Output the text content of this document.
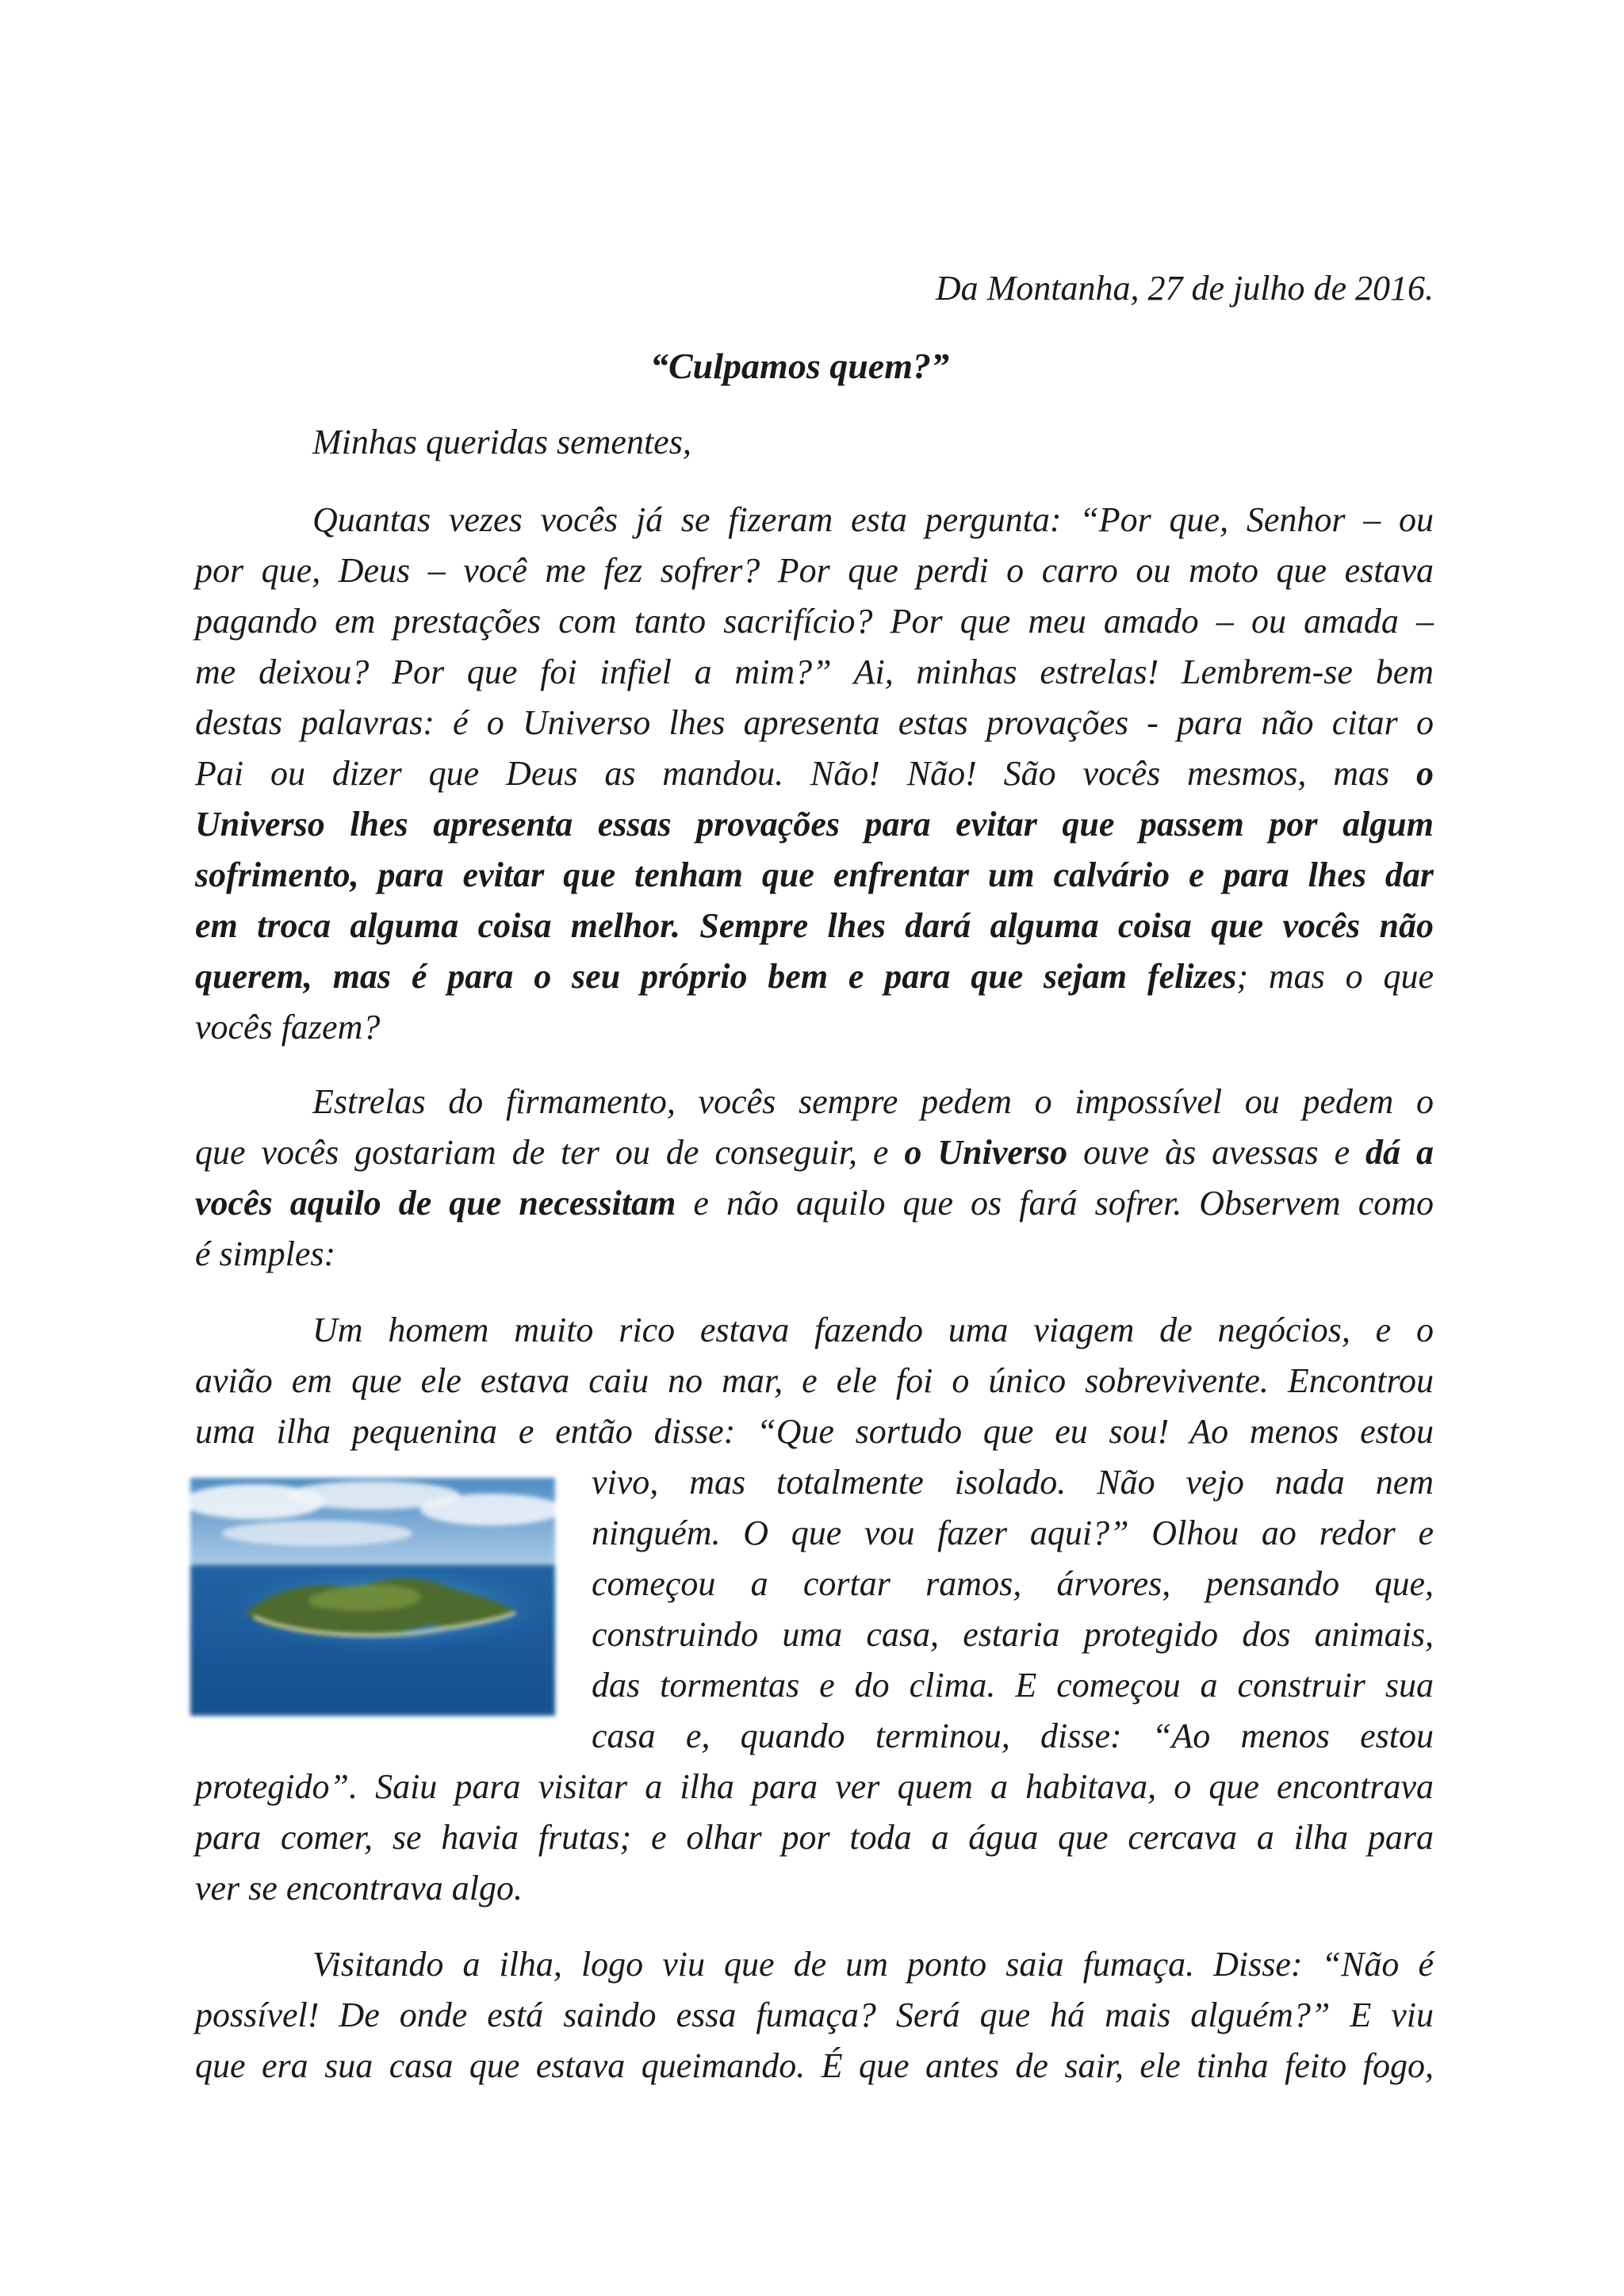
Da Montanha, 27 de julho de 2016.
“Culpamos quem?”
Minhas queridas sementes,
Quantas vezes vocês já se fizeram esta pergunta: “Por que, Senhor – ou
por que, Deus – você me fez sofrer? Por que perdi o carro ou moto que estava
pagando em prestações com tanto sacrifício? Por que meu amado – ou amada –
me deixou? Por que foi infiel a mim?” Ai, minhas estrelas! Lembrem-se bem
destas palavras: é o Universo lhes apresenta estas provações - para não citar o
Pai ou dizer que Deus as mandou. Não! Não! São vocês mesmos, mas o
Universo lhes apresenta essas provações para evitar que passem por algum
sofrimento, para evitar que tenham que enfrentar um calvário e para lhes dar
em troca alguma coisa melhor. Sempre lhes dará alguma coisa que vocês não
querem, mas é para o seu próprio bem e para que sejam felizes; mas o que
vocês fazem?
Estrelas do firmamento, vocês sempre pedem o impossível ou pedem o
que vocês gostariam de ter ou de conseguir, e o Universo ouve às avessas e dá a
vocês aquilo de que necessitam e não aquilo que os fará sofrer. Observem como
é simples:
Um homem muito rico estava fazendo uma viagem de negócios, e o
avião em que ele estava caiu no mar, e ele foi o único sobrevivente. Encontrou
uma ilha pequenina e então disse: “Que sortudo que eu sou! Ao menos estou
vivo, mas totalmente isolado. Não vejo nada nem
ninguém. O que vou fazer aqui?” Olhou ao redor e
começou a cortar ramos, árvores, pensando que,
construindo uma casa, estaria protegido dos animais,
das tormentas e do clima. E começou a construir sua
casa e, quando terminou, disse: “Ao menos estou
protegido”. Saiu para visitar a ilha para ver quem a habitava, o que encontrava
para comer, se havia frutas; e olhar por toda a água que cercava a ilha para
ver se encontrava algo.
Visitando a ilha, logo viu que de um ponto saia fumaça. Disse: “Não é
possível! De onde está saindo essa fumaça? Será que há mais alguém?” E viu
que era sua casa que estava queimando. É que antes de sair, ele tinha feito fogo,
